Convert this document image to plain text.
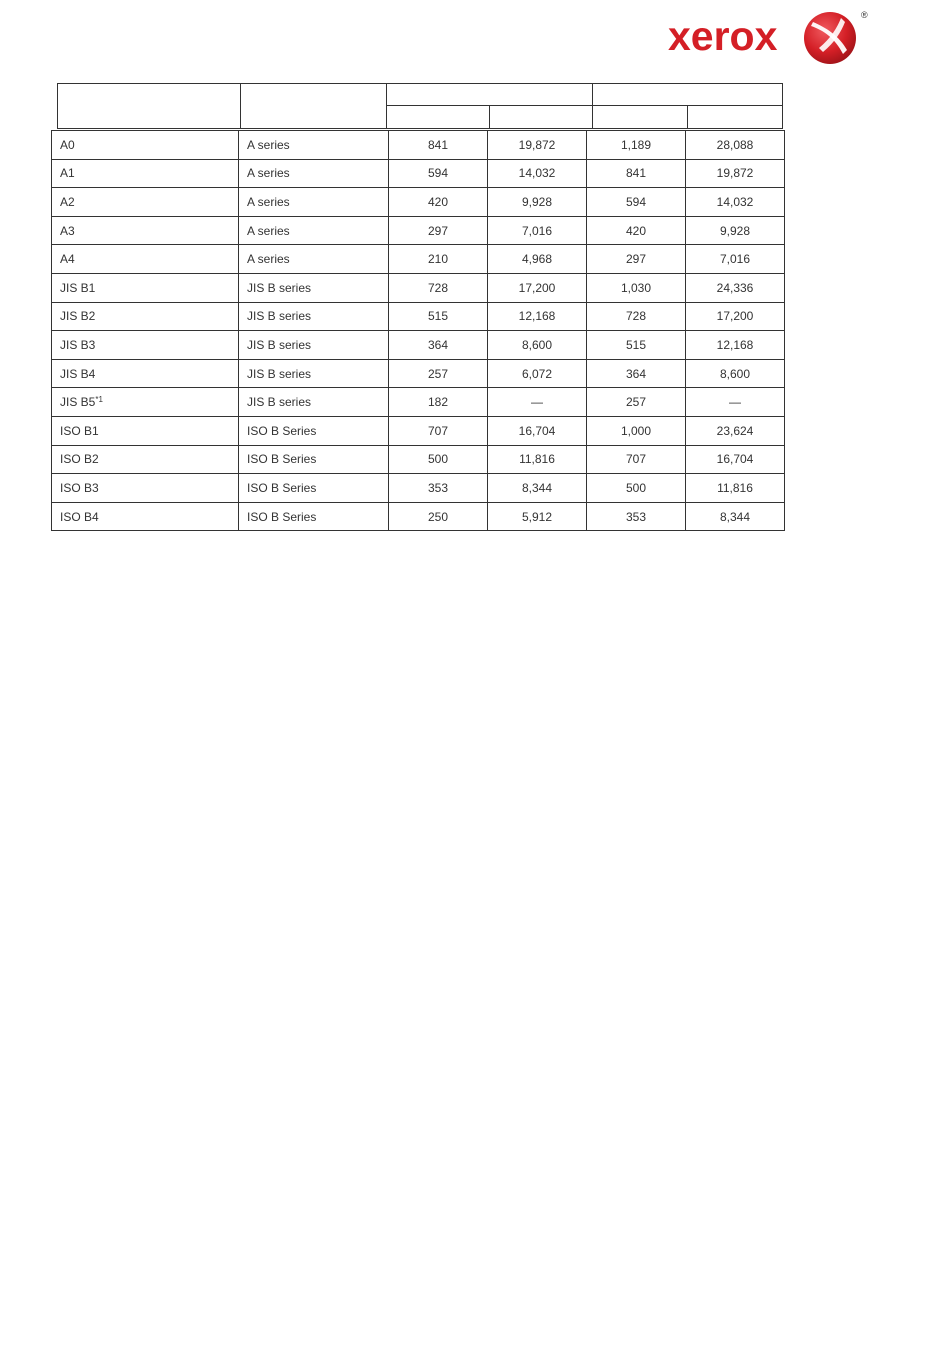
xerox	®
A0	A series	841	19,872	1,189	28,088
A1	A series	594	14,032	841	19,872
A2	A series	420	9,928	594	14,032
A3	A series	297	7,016	420	9,928
A4	A series	210	4,968	297	7,016
JIS B1	JIS B series	728	17,200	1,030	24,336
JIS B2	JIS B series	515	12,168	728	17,200
JIS B3	JIS B series	364	8,600	515	12,168
JIS B4	JIS B series	257	6,072	364	8,600
JIS B5$^{*1}$	JIS B series	182	—	257	—
ISO B1	ISO B Series	707	16,704	1,000	23,624
ISO B2	ISO B Series	500	11,816	707	16,704
ISO B3	ISO B Series	353	8,344	500	11,816
ISO B4	ISO B Series	250	5,912	353	8,344
